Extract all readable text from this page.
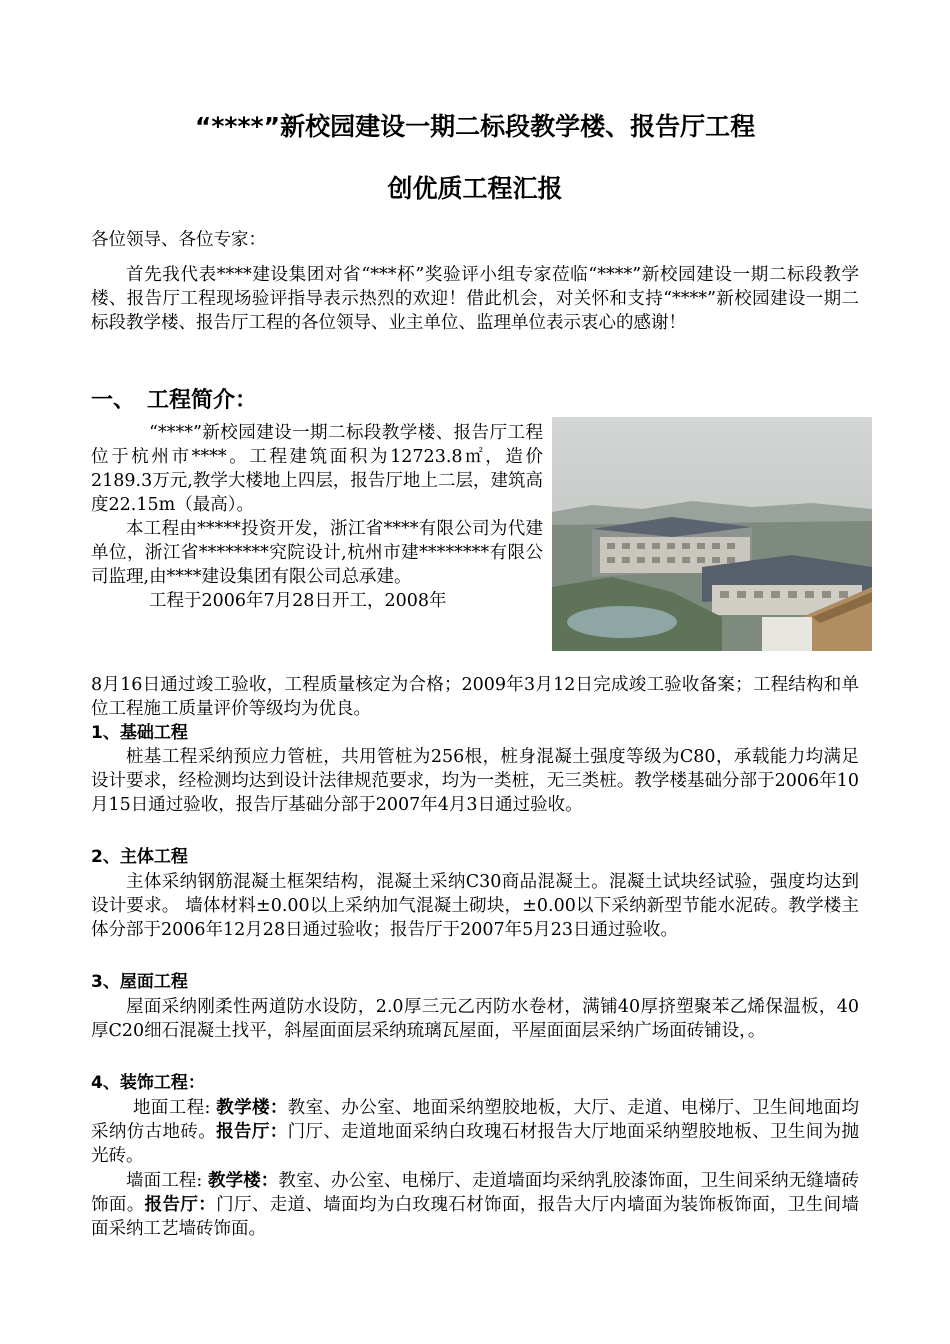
“****”新校园建设一期二标段教学楼、报告厅工程
创优质工程汇报

各位领导、各位专家：

首先我代表****建设集团对省“***杯”奖验评小组专家莅临“****”新校园建设一期二标段教学楼、报告厅工程现场验评指导表示热烈的欢迎！借此机会，对关怀和支持“****”新校园建设一期二标段教学楼、报告厅工程的各位领导、业主单位、监理单位表示衷心的感谢！

一、 工程简介：

“****”新校园建设一期二标段教学楼、报告厅工程位于杭州市****。工程建筑面积为12723.8㎡，造价2189.3万元,教学大楼地上四层，报告厅地上二层，建筑高度22.15m（最高）。

本工程由*****投资开发，浙江省****有限公司为代建单位，浙江省********究院设计,杭州市建********有限公司监理,由****建设集团有限公司总承建。

工程于2006年7月28日开工，2008年

8月16日通过竣工验收，工程质量核定为合格；2009年3月12日完成竣工验收备案；工程结构和单位工程施工质量评价等级均为优良。

1、基础工程

桩基工程采纳预应力管桩，共用管桩为256根，桩身混凝土强度等级为C80，承载能力均满足设计要求，经检测均达到设计法律规范要求，均为一类桩，无三类桩。教学楼基础分部于2006年10月15日通过验收，报告厅基础分部于2007年4月3日通过验收。

2、主体工程

主体采纳钢筋混凝土框架结构，混凝土采纳C30商品混凝土。混凝土试块经试验，强度均达到设计要求。 墙体材料±0.00以上采纳加气混凝土砌块，±0.00以下采纳新型节能水泥砖。教学楼主体分部于2006年12月28日通过验收；报告厅于2007年5月23日通过验收。

3、屋面工程

屋面采纳刚柔性两道防水设防，2.0厚三元乙丙防水卷材，满铺40厚挤塑聚苯乙烯保温板，40厚C20细石混凝土找平，斜屋面面层采纳琉璃瓦屋面，平屋面面层采纳广场面砖铺设，。

4、装饰工程：

地面工程: 教学楼：教室、办公室、地面采纳塑胶地板，大厅、走道、电梯厅、卫生间地面均采纳仿古地砖。报告厅：门厅、走道地面采纳白玫瑰石材报告大厅地面采纳塑胶地板、卫生间为抛光砖。

墙面工程: 教学楼：教室、办公室、电梯厅、走道墙面均采纳乳胶漆饰面，卫生间采纳无缝墙砖饰面。报告厅：门厅、走道、墙面均为白玫瑰石材饰面，报告大厅内墙面为装饰板饰面，卫生间墙面采纳工艺墙砖饰面。
